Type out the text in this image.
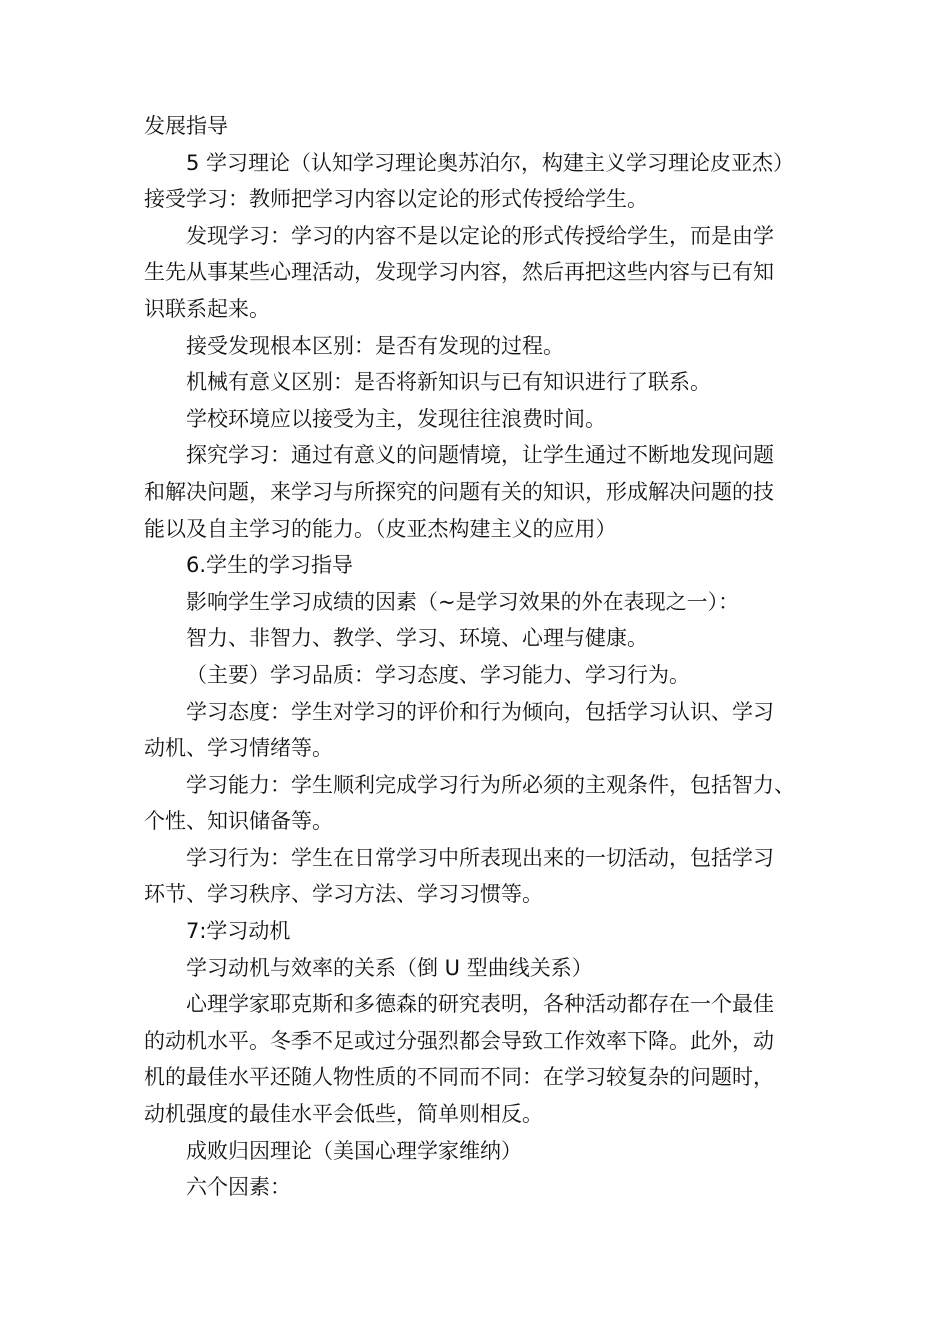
发展指导
5 学习理论（认知学习理论奥苏泊尔，构建主义学习理论皮亚杰）
接受学习：教师把学习内容以定论的形式传授给学生。
发现学习：学习的内容不是以定论的形式传授给学生，而是由学
生先从事某些心理活动，发现学习内容，然后再把这些内容与已有知
识联系起来。
接受发现根本区别：是否有发现的过程。
机械有意义区别：是否将新知识与已有知识进行了联系。
学校环境应以接受为主，发现往往浪费时间。
探究学习：通过有意义的问题情境，让学生通过不断地发现问题
和解决问题，来学习与所探究的问题有关的知识，形成解决问题的技
能以及自主学习的能力。（皮亚杰构建主义的应用）
6.学生的学习指导
影响学生学习成绩的因素（~是学习效果的外在表现之一）：
智力、非智力、教学、学习、环境、心理与健康。
（主要）学习品质：学习态度、学习能力、学习行为。
学习态度：学生对学习的评价和行为倾向，包括学习认识、学习
动机、学习情绪等。
学习能力：学生顺利完成学习行为所必须的主观条件，包括智力、
个性、知识储备等。
学习行为：学生在日常学习中所表现出来的一切活动，包括学习
环节、学习秩序、学习方法、学习习惯等。
7:学习动机
学习动机与效率的关系（倒 U 型曲线关系）
心理学家耶克斯和多德森的研究表明，各种活动都存在一个最佳
的动机水平。冬季不足或过分强烈都会导致工作效率下降。此外，动
机的最佳水平还随人物性质的不同而不同：在学习较复杂的问题时，
动机强度的最佳水平会低些，简单则相反。
成败归因理论（美国心理学家维纳）
六个因素：
